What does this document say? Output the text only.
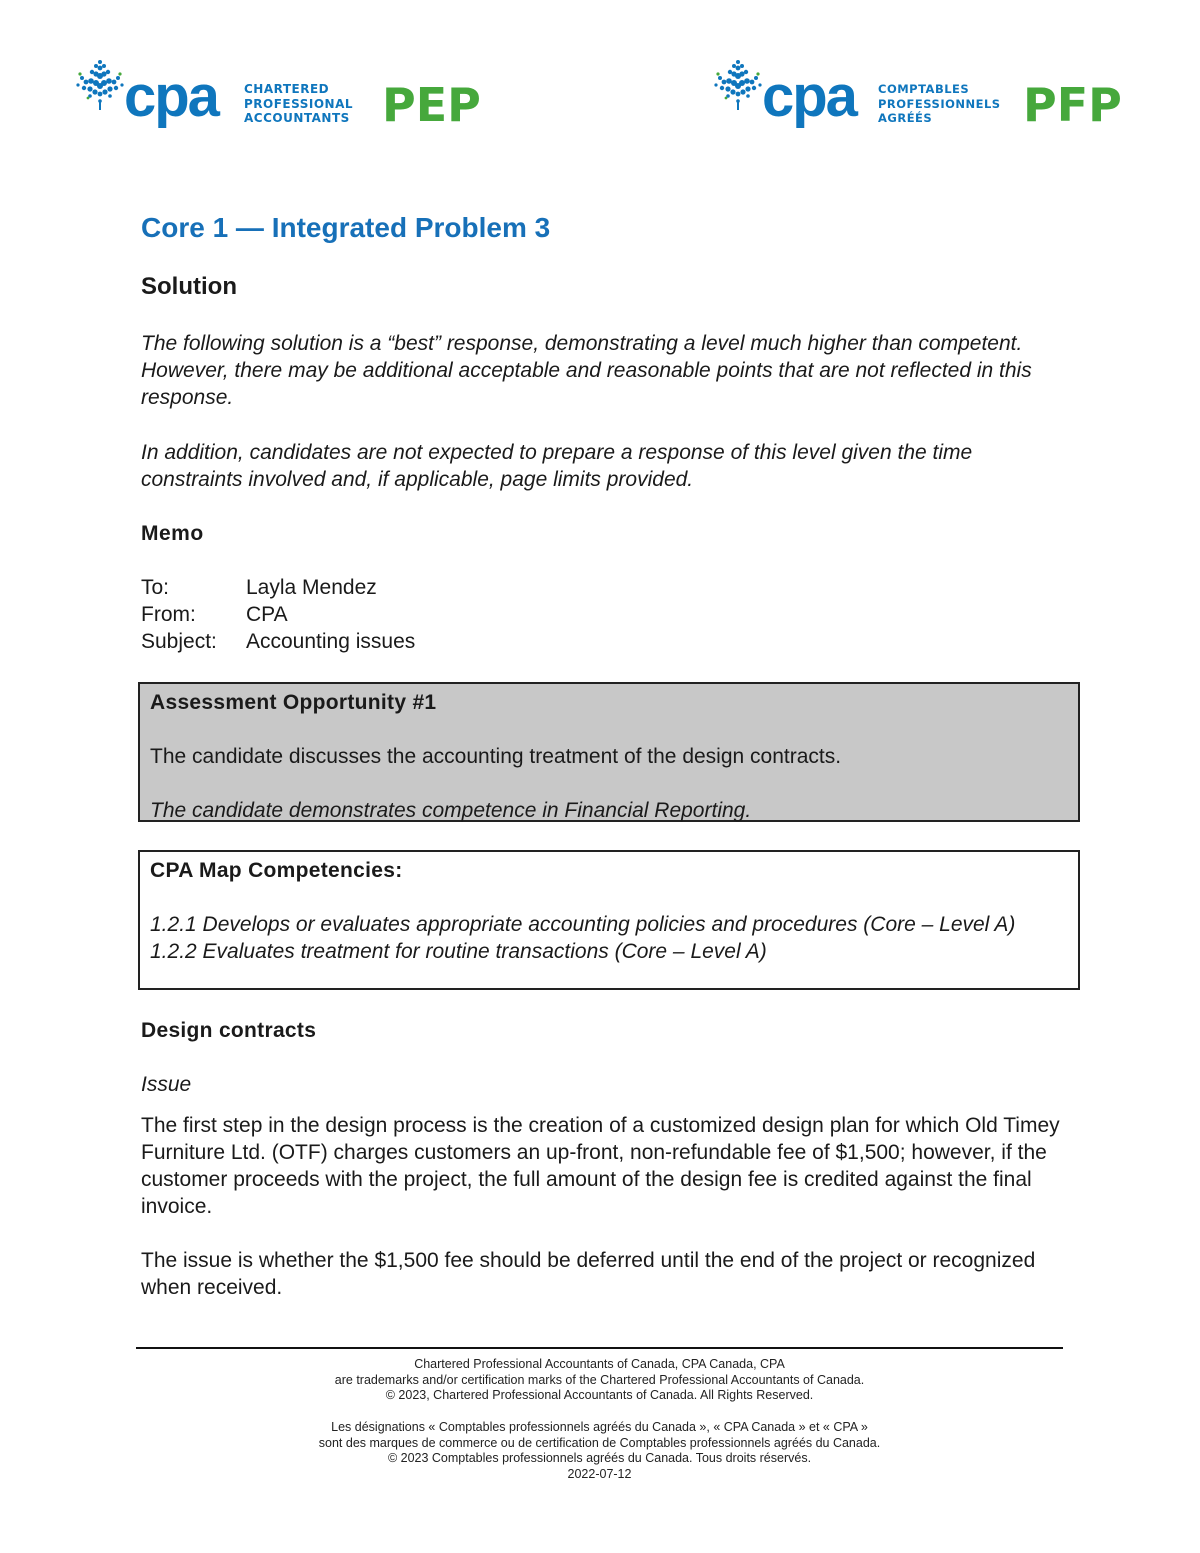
cpa CHARTERED
PROFESSIONAL
ACCOUNTANTS PEP	cpa COMPTABLES
PROFESSIONNELS
AGRÉÉS	PFP
Core 1 — Integrated Problem 3
Solution
The following solution is a “best” response, demonstrating a level much higher than competent. However, there may be additional acceptable and reasonable points that are not reflected in this response.
In addition, candidates are not expected to prepare a response of this level given the time constraints involved and, if applicable, page limits provided.
Memo
To:	Layla Mendez
From:	CPA
Subject:	Accounting issues
Assessment Opportunity #1
The candidate discusses the accounting treatment of the design contracts.
The candidate demonstrates competence in Financial Reporting.
CPA Map Competencies:
1.2.1 Develops or evaluates appropriate accounting policies and procedures (Core – Level A)
1.2.2 Evaluates treatment for routine transactions (Core – Level A)
Design contracts
Issue
The first step in the design process is the creation of a customized design plan for which Old Timey Furniture Ltd. (OTF) charges customers an up-front, non-refundable fee of $1,500; however, if the customer proceeds with the project, the full amount of the design fee is credited against the final invoice.
The issue is whether the $1,500 fee should be deferred until the end of the project or recognized when received.
Chartered Professional Accountants of Canada, CPA Canada, CPA
are trademarks and/or certification marks of the Chartered Professional Accountants of Canada.
© 2023, Chartered Professional Accountants of Canada. All Rights Reserved.
Les désignations « Comptables professionnels agréés du Canada », « CPA Canada » et « CPA »
sont des marques de commerce ou de certification de Comptables professionnels agréés du Canada.
© 2023 Comptables professionnels agréés du Canada. Tous droits réservés.
2022-07-12
